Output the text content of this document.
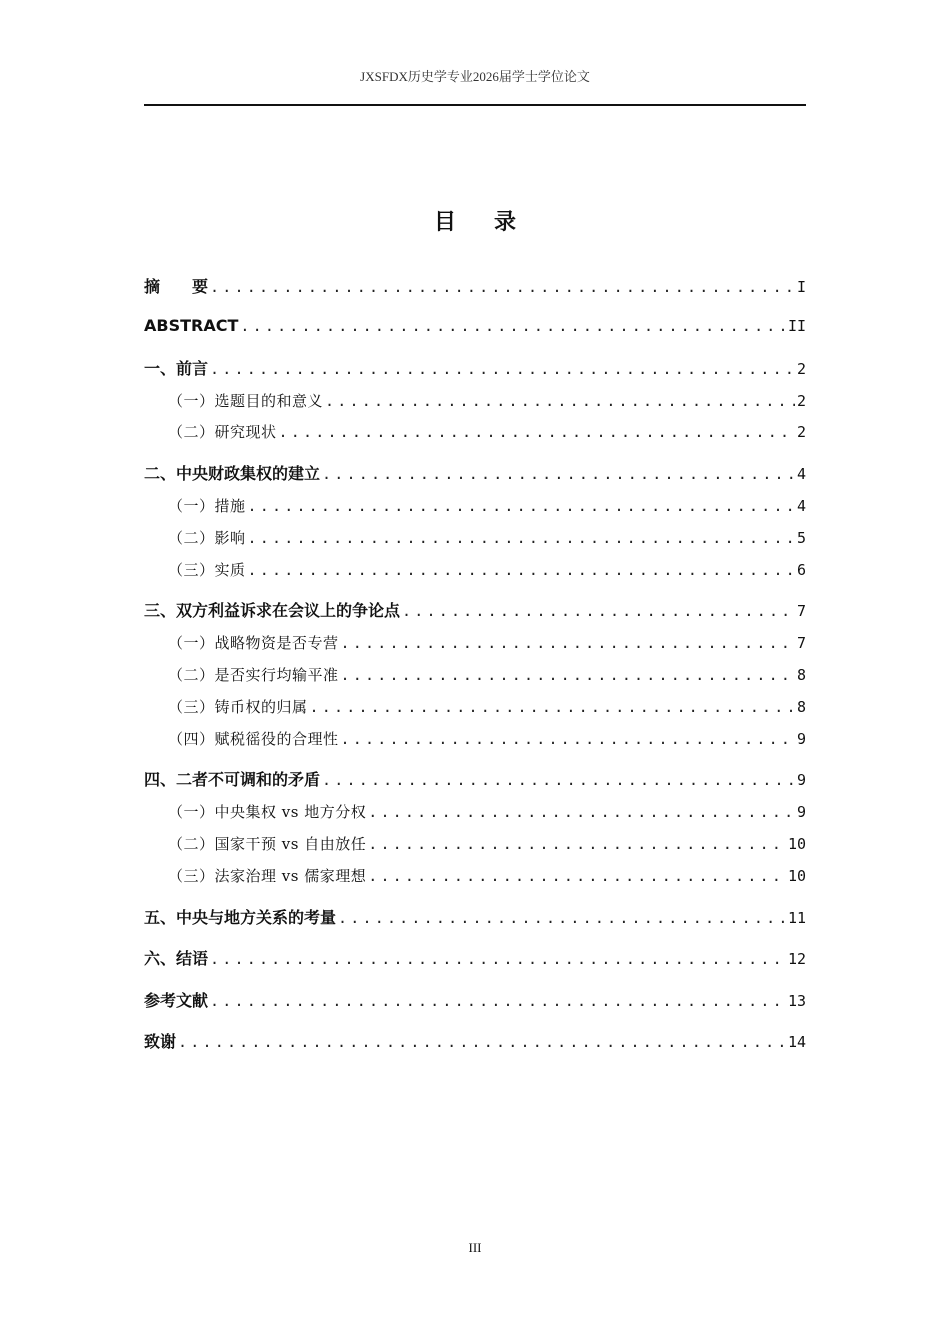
JXSFDX历史学专业2026届学士学位论文
目录
摘　　要 .....	I
ABSTRACT .....	II
一、前言 .....	2
（一）选题目的和意义 .....	2
（二）研究现状 .....	2
二、中央财政集权的建立 .....	4
（一）措施 .....	4
（二）影响 .....	5
（三）实质 .....	6
三、双方利益诉求在会议上的争论点 .....	7
（一）战略物资是否专营 .....	7
（二）是否实行均输平准 .....	8
（三）铸币权的归属 .....	8
（四）赋税徭役的合理性 .....	9
四、二者不可调和的矛盾 .....	9
（一）中央集权 vs 地方分权 .....	9
（二）国家干预 vs 自由放任 .....	10
（三）法家治理 vs 儒家理想 .....	10
五、中央与地方关系的考量 .....	11
六、结语 .....	12
参考文献 .....	13
致谢 .....	14
III
